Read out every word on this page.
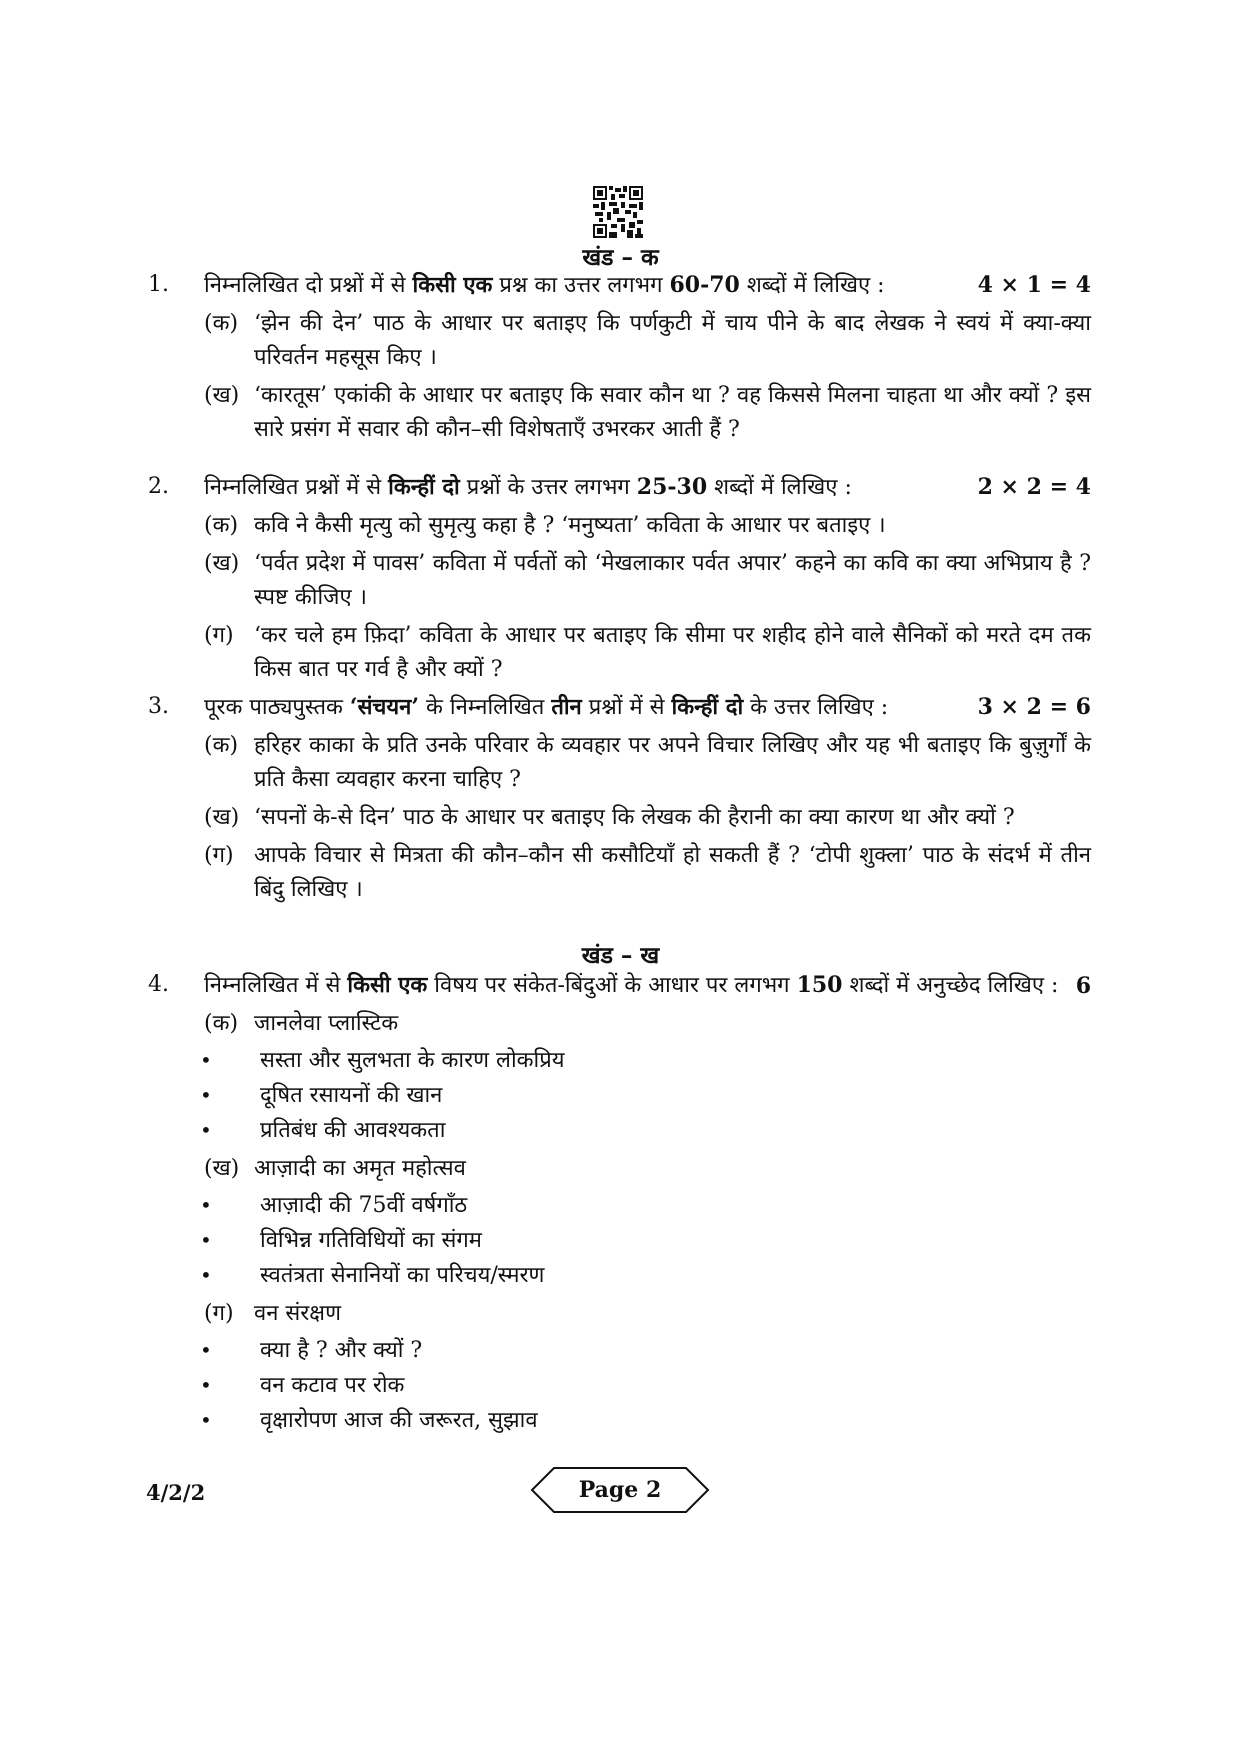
खंड – क
1. निम्नलिखित दो प्रश्नों में से किसी एक प्रश्न का उत्तर लगभग 60-70 शब्दों में लिखिए :	4 × 1 = 4
(क) ‘झेन की देन’ पाठ के आधार पर बताइए कि पर्णकुटी में चाय पीने के बाद लेखक ने स्वयं में क्या-क्या परिवर्तन महसूस किए ।
(ख) ‘कारतूस’ एकांकी के आधार पर बताइए कि सवार कौन था ? वह किससे मिलना चाहता था और क्यों ? इस सारे प्रसंग में सवार की कौन–सी विशेषताएँ उभरकर आती हैं ?
2. निम्नलिखित प्रश्नों में से किन्हीं दो प्रश्नों के उत्तर लगभग 25-30 शब्दों में लिखिए :	2 × 2 = 4
(क) कवि ने कैसी मृत्यु को सुमृत्यु कहा है ? ‘मनुष्यता’ कविता के आधार पर बताइए ।
(ख) ‘पर्वत प्रदेश में पावस’ कविता में पर्वतों को ‘मेखलाकार पर्वत अपार’ कहने का कवि का क्या अभिप्राय है ? स्पष्ट कीजिए ।
(ग) ‘कर चले हम फ़िदा’ कविता के आधार पर बताइए कि सीमा पर शहीद होने वाले सैनिकों को मरते दम तक किस बात पर गर्व है और क्यों ?
3. पूरक पाठ्यपुस्तक ‘संचयन’ के निम्नलिखित तीन प्रश्नों में से किन्हीं दो के उत्तर लिखिए :	3 × 2 = 6
(क) हरिहर काका के प्रति उनके परिवार के व्यवहार पर अपने विचार लिखिए और यह भी बताइए कि बुज़ुर्गों के प्रति कैसा व्यवहार करना चाहिए ?
(ख) ‘सपनों के-से दिन’ पाठ के आधार पर बताइए कि लेखक की हैरानी का क्या कारण था और क्यों ?
(ग) आपके विचार से मित्रता की कौन–कौन सी कसौटियाँ हो सकती हैं ? ‘टोपी शुक्ला’ पाठ के संदर्भ में तीन बिंदु लिखिए ।
खंड – ख
4. निम्नलिखित में से किसी एक विषय पर संकेत-बिंदुओं के आधार पर लगभग 150 शब्दों में अनुच्छेद लिखिए : 6
(क) जानलेवा प्लास्टिक
• सस्ता और सुलभता के कारण लोकप्रिय
• दूषित रसायनों की खान
• प्रतिबंध की आवश्यकता
(ख) आज़ादी का अमृत महोत्सव
• आज़ादी की 75वीं वर्षगाँठ
• विभिन्न गतिविधियों का संगम
• स्वतंत्रता सेनानियों का परिचय/स्मरण
(ग) वन संरक्षण
• क्या है ? और क्यों ?
• वन कटाव पर रोक
• वृक्षारोपण आज की जरूरत, सुझाव
4/2/2	Page 2
